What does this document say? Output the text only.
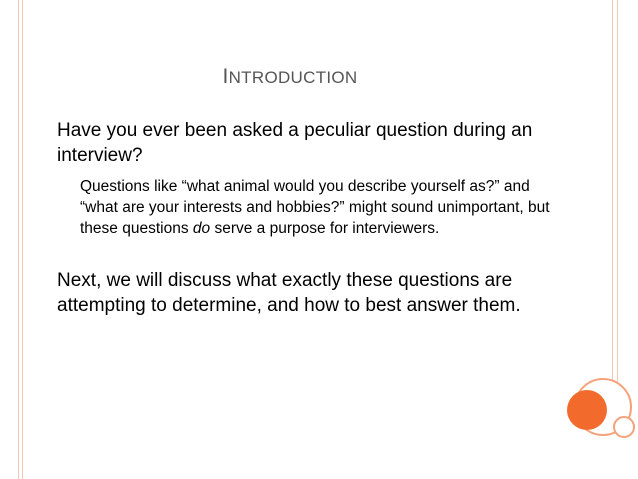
INTRODUCTION
Have you ever been asked a peculiar question during an interview?
Questions like “what animal would you describe yourself as?” and “what are your interests and hobbies?” might sound unimportant, but these questions do serve a purpose for interviewers.
Next, we will discuss what exactly these questions are attempting to determine, and how to best answer them.
